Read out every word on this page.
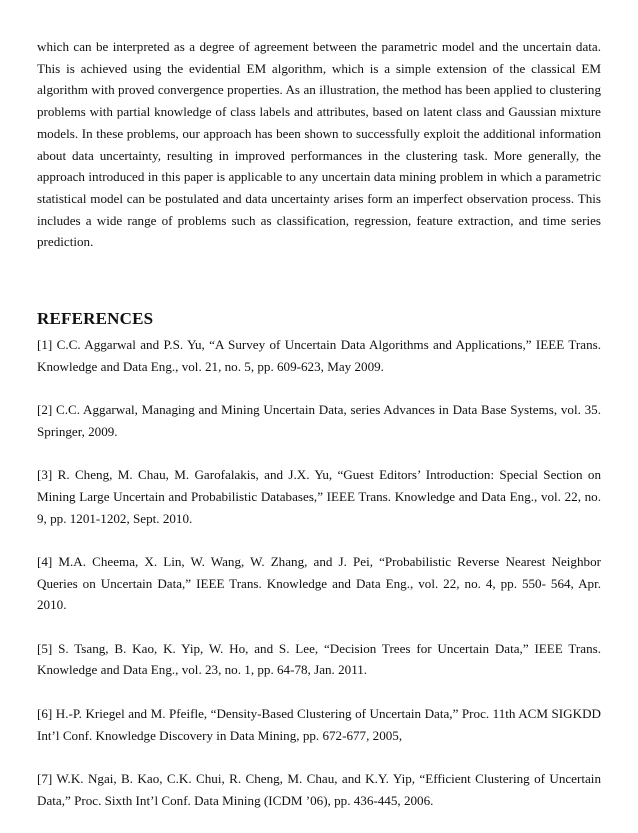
which can be interpreted as a degree of agreement between the parametric model and the uncertain data. This is achieved using the evidential EM algorithm, which is a simple extension of the classical EM algorithm with proved convergence properties. As an illustration, the method has been applied to clustering problems with partial knowledge of class labels and attributes, based on latent class and Gaussian mixture models. In these problems, our approach has been shown to successfully exploit the additional information about data uncertainty, resulting in improved performances in the clustering task. More generally, the approach introduced in this paper is applicable to any uncertain data mining problem in which a parametric statistical model can be postulated and data uncertainty arises form an imperfect observation process. This includes a wide range of problems such as classification, regression, feature extraction, and time series prediction.

REFERENCES
[1] C.C. Aggarwal and P.S. Yu, “A Survey of Uncertain Data Algorithms and Applications,” IEEE Trans. Knowledge and Data Eng., vol. 21, no. 5, pp. 609-623, May 2009.
[2] C.C. Aggarwal, Managing and Mining Uncertain Data, series Advances in Data Base Systems, vol. 35. Springer, 2009.
[3] R. Cheng, M. Chau, M. Garofalakis, and J.X. Yu, “Guest Editors’ Introduction: Special Section on Mining Large Uncertain and Probabilistic Databases,” IEEE Trans. Knowledge and Data Eng., vol. 22, no. 9, pp. 1201-1202, Sept. 2010.
[4] M.A. Cheema, X. Lin, W. Wang, W. Zhang, and J. Pei, “Probabilistic Reverse Nearest Neighbor Queries on Uncertain Data,” IEEE Trans. Knowledge and Data Eng., vol. 22, no. 4, pp. 550- 564, Apr. 2010.
[5] S. Tsang, B. Kao, K. Yip, W. Ho, and S. Lee, “Decision Trees for Uncertain Data,” IEEE Trans. Knowledge and Data Eng., vol. 23, no. 1, pp. 64-78, Jan. 2011.
[6] H.-P. Kriegel and M. Pfeifle, “Density-Based Clustering of Uncertain Data,” Proc. 11th ACM SIGKDD Int’l Conf. Knowledge Discovery in Data Mining, pp. 672-677, 2005,
[7] W.K. Ngai, B. Kao, C.K. Chui, R. Cheng, M. Chau, and K.Y. Yip, “Efficient Clustering of Uncertain Data,” Proc. Sixth Int’l Conf. Data Mining (ICDM ’06), pp. 436-445, 2006.
